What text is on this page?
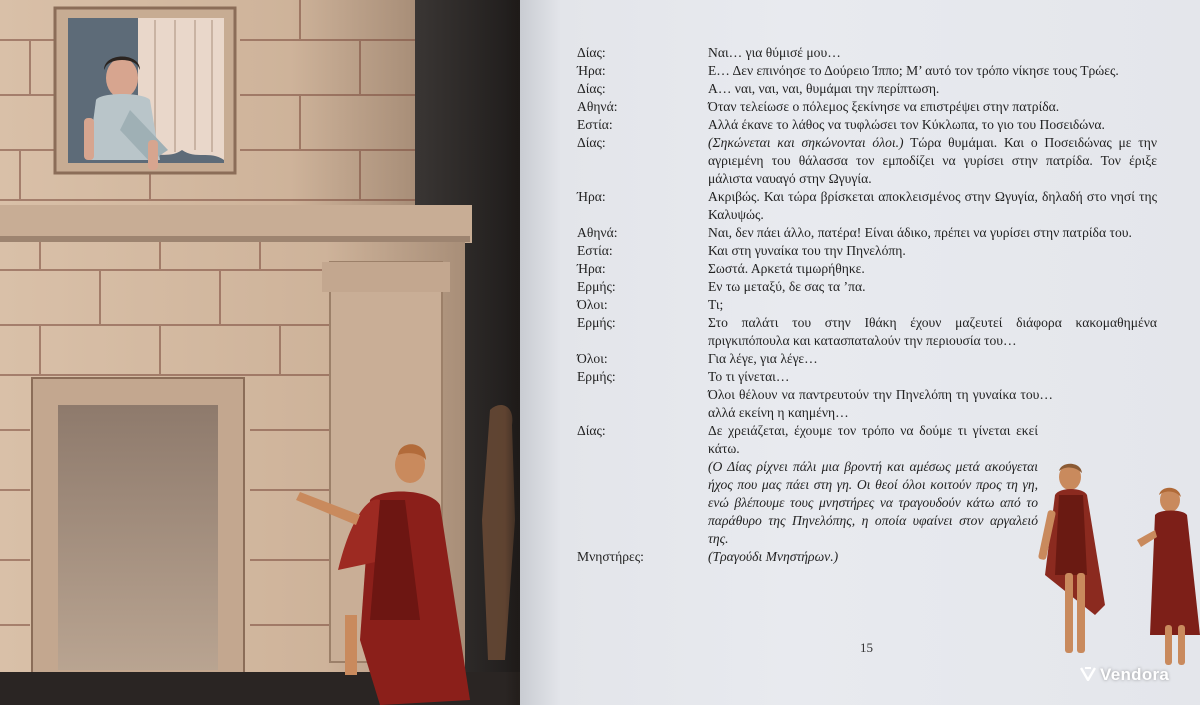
Δίας:	Ναι… για θύμισέ μου…
Ήρα:	Ε… Δεν επινόησε το Δούρειο Ίππο; Μ’ αυτό τον τρόπο νίκησε τους Τρώες.
Δίας:	Α… ναι, ναι, ναι, θυμάμαι την περίπτωση.
Αθηνά:	Όταν τελείωσε ο πόλεμος ξεκίνησε να επιστρέψει στην πατρίδα.
Εστία:	Αλλά έκανε το λάθος να τυφλώσει τον Κύκλωπα, το γιο του Ποσειδώνα.
Δίας:	(Σηκώνεται και σηκώνονται όλοι.) Τώρα θυμάμαι. Και ο Ποσειδώνας με την αγριεμένη του θάλασσα τον εμποδίζει να γυρίσει στην πατρίδα. Τον έριξε μάλιστα ναυαγό στην Ωγυγία.
Ήρα:	Ακριβώς. Και τώρα βρίσκεται αποκλεισμένος στην Ωγυγία, δηλαδή στο νησί της Καλυψώς.
Αθηνά:	Ναι, δεν πάει άλλο, πατέρα! Είναι άδικο, πρέπει να γυρίσει στην πατρίδα του.
Εστία:	Και στη γυναίκα του την Πηνελόπη.
Ήρα:	Σωστά. Αρκετά τιμωρήθηκε.
Ερμής:	Εν τω μεταξύ, δε σας τα ’πα.
Όλοι:	Τι;
Ερμής:	Στο παλάτι του στην Ιθάκη έχουν μαζευτεί διάφορα κακομαθημένα πριγκιπόπουλα και κατασπαταλούν την περιουσία του…
Όλοι:	Για λέγε, για λέγε…
Ερμής:	Το τι γίνεται…
Όλοι θέλουν να παντρευτούν την Πηνελόπη τη γυναίκα του… αλλά εκείνη η καημένη…
Δίας:	Δε χρειάζεται, έχουμε τον τρόπο να δούμε τι γίνεται εκεί κάτω.
(Ο Δίας ρίχνει πάλι μια βροντή και αμέσως μετά ακούγεται ήχος που μας πάει στη γη. Οι θεοί όλοι κοιτούν προς τη γη, ενώ βλέπουμε τους μνηστήρες να τραγουδούν κάτω από το παράθυρο της Πηνελόπης, η οποία υφαίνει στον αργαλειό της.
Μνηστήρες:	(Τραγούδι Μνηστήρων.)
15
Vendora
